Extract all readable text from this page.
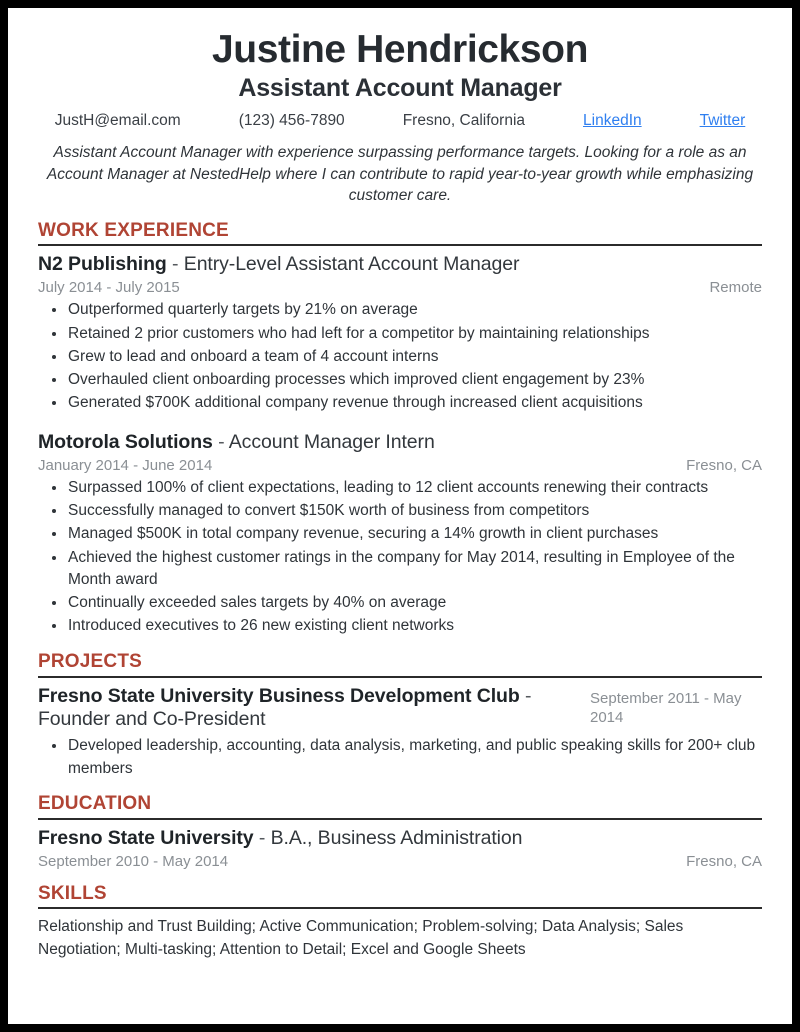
Justine Hendrickson
Assistant Account Manager
JustH@email.com	(123) 456-7890	Fresno, California	LinkedIn	Twitter

Assistant Account Manager with experience surpassing performance targets. Looking for a role as an Account Manager at NestedHelp where I can contribute to rapid year-to-year growth while emphasizing customer care.

WORK EXPERIENCE
N2 Publishing - Entry-Level Assistant Account Manager
July 2014 - July 2015	Remote
Outperformed quarterly targets by 21% on average
Retained 2 prior customers who had left for a competitor by maintaining relationships
Grew to lead and onboard a team of 4 account interns
Overhauled client onboarding processes which improved client engagement by 23%
Generated $700K additional company revenue through increased client acquisitions
Motorola Solutions - Account Manager Intern
January 2014 - June 2014	Fresno, CA
Surpassed 100% of client expectations, leading to 12 client accounts renewing their contracts
Successfully managed to convert $150K worth of business from competitors
Managed $500K in total company revenue, securing a 14% growth in client purchases
Achieved the highest customer ratings in the company for May 2014, resulting in Employee of the Month award
Continually exceeded sales targets by 40% on average
Introduced executives to 26 new existing client networks
PROJECTS
Fresno State University Business Development Club - Founder and Co-President
September 2011 - May 2014
Developed leadership, accounting, data analysis, marketing, and public speaking skills for 200+ club members
EDUCATION
Fresno State University - B.A., Business Administration
September 2010 - May 2014	Fresno, CA
SKILLS
Relationship and Trust Building; Active Communication; Problem-solving; Data Analysis; Sales Negotiation; Multi-tasking; Attention to Detail; Excel and Google Sheets
